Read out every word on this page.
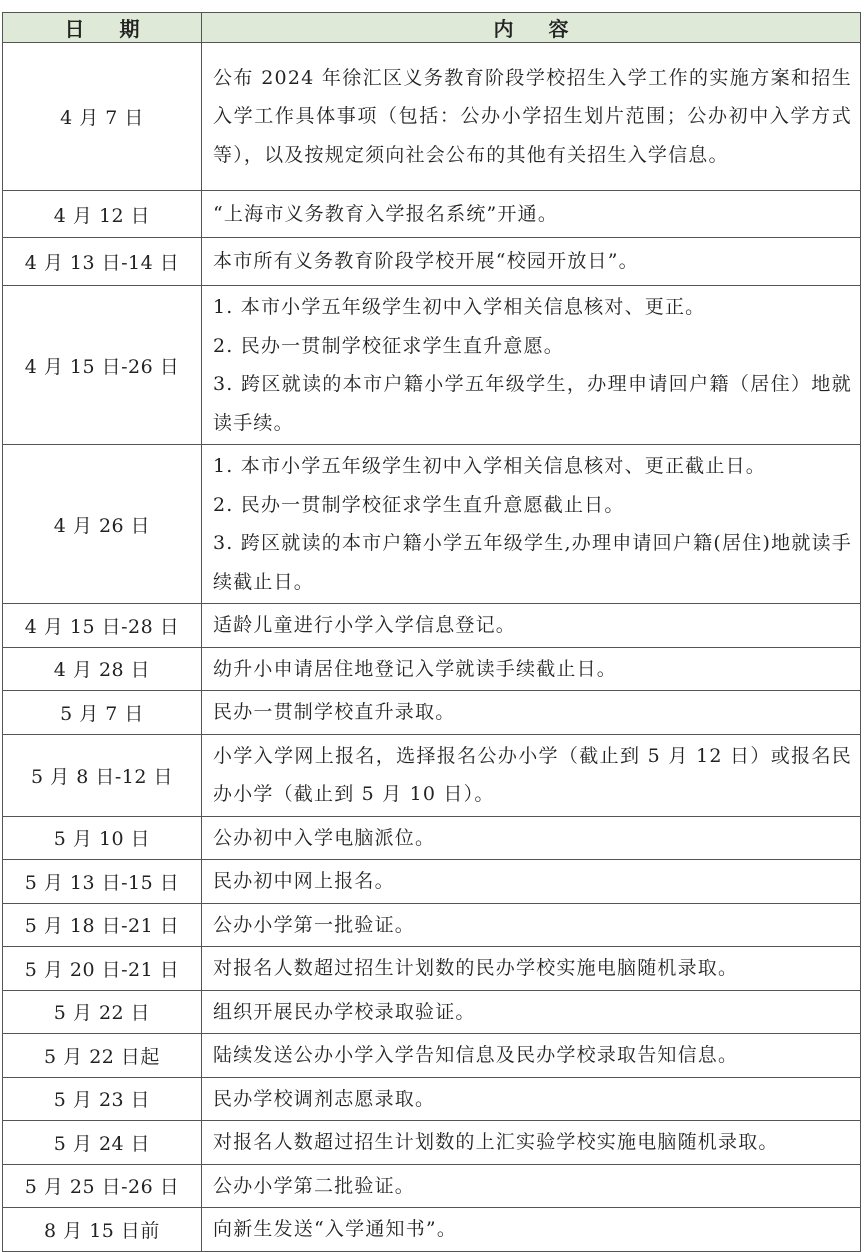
日 期	内 容
4 月 7 日	公布 2024 年徐汇区义务教育阶段学校招生入学工作的实施方案和招生入学工作具体事项（包括：公办小学招生划片范围；公办初中入学方式等），以及按规定须向社会公布的其他有关招生入学信息。
4 月 12 日	“上海市义务教育入学报名系统”开通。
4 月 13 日-14 日	本市所有义务教育阶段学校开展“校园开放日”。
4 月 15 日-26 日	1. 本市小学五年级学生初中入学相关信息核对、更正。
2. 民办一贯制学校征求学生直升意愿。
3. 跨区就读的本市户籍小学五年级学生，办理申请回户籍（居住）地就读手续。

4 月 26 日	1. 本市小学五年级学生初中入学相关信息核对、更正截止日。
2. 民办一贯制学校征求学生直升意愿截止日。
3. 跨区就读的本市户籍小学五年级学生,办理申请回户籍(居住)地就读手续截止日。

4 月 15 日-28 日	适龄儿童进行小学入学信息登记。
4 月 28 日	幼升小申请居住地登记入学就读手续截止日。
5 月 7 日	民办一贯制学校直升录取。
5 月 8 日-12 日	小学入学网上报名，选择报名公办小学（截止到 5 月 12 日）或报名民办小学（截止到 5 月 10 日）。
5 月 10 日	公办初中入学电脑派位。
5 月 13 日-15 日	民办初中网上报名。
5 月 18 日-21 日	公办小学第一批验证。
5 月 20 日-21 日	对报名人数超过招生计划数的民办学校实施电脑随机录取。
5 月 22 日	组织开展民办学校录取验证。
5 月 22 日起	陆续发送公办小学入学告知信息及民办学校录取告知信息。
5 月 23 日	民办学校调剂志愿录取。
5 月 24 日	对报名人数超过招生计划数的上汇实验学校实施电脑随机录取。
5 月 25 日-26 日	公办小学第二批验证。
8 月 15 日前	向新生发送“入学通知书”。
